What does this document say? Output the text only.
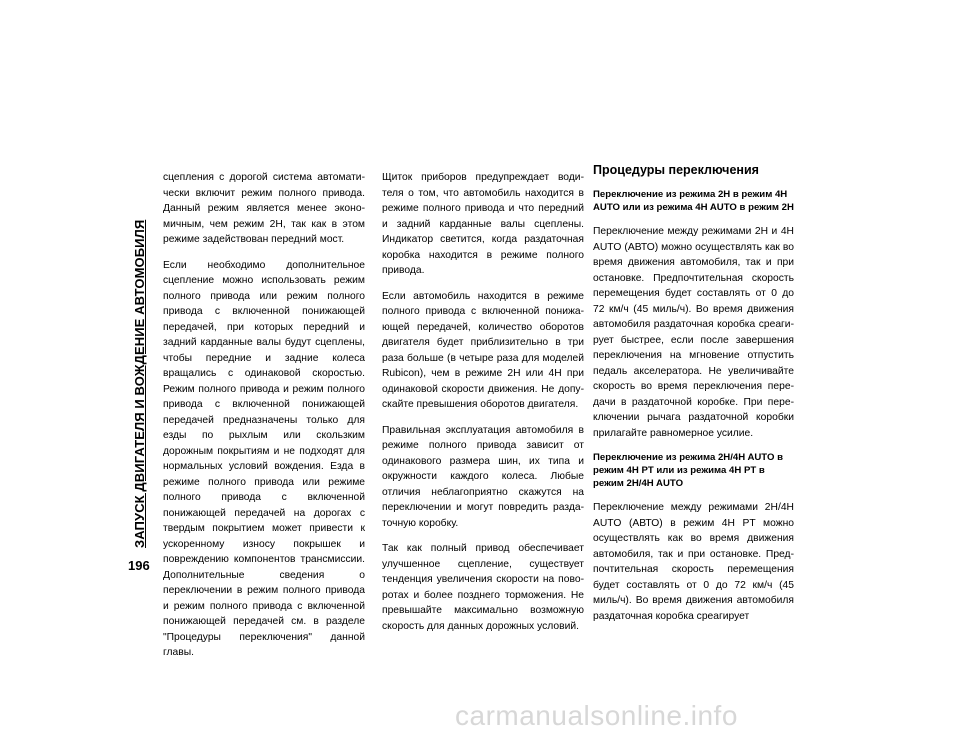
ЗАПУСК ДВИГАТЕЛЯ И ВОЖДЕНИЕ АВТОМОБИЛЯ
196

сцепления с дорогой система автоматически включит режим полного привода. Данный режим является менее экономичным, чем режим 2H, так как в этом режиме задействован передний мост.

Если необходимо дополнительное сцепление можно использовать режим полного привода или режим полного привода с включенной понижающей передачей, при которых передний и задний карданные валы будут сцеплены, чтобы передние и задние колеса вращались с одинаковой скоростью. Режим полного привода и режим полного привода с включенной понижающей передачей предназначены только для езды по рыхлым или скользким дорожным покрытиям и не подходят для нормальных условий вождения. Езда в режиме полного привода или режиме полного привода с включенной понижающей передачей на дорогах с твердым покрытием может привести к ускоренному износу покрышек и повреждению компонентов трансмиссии. Дополнительные сведения о переключении в режим полного привода и режим полного привода с включенной понижающей передачей см. в разделе "Процедуры переключения" данной главы.

Щиток приборов предупреждает водителя о том, что автомобиль находится в режиме полного привода и что передний и задний карданные валы сцеплены. Индикатор светится, когда раздаточная коробка находится в режиме полного привода.

Если автомобиль находится в режиме полного привода с включенной понижающей передачей, количество оборотов двигателя будет приблизительно в три раза больше (в четыре раза для моделей Rubicon), чем в режиме 2H или 4H при одинаковой скорости движения. Не допускайте превышения оборотов двигателя.

Правильная эксплуатация автомобиля в режиме полного привода зависит от одинакового размера шин, их типа и окружности каждого колеса. Любые отличия неблагоприятно скажутся на переключении и могут повредить раздаточную коробку.

Так как полный привод обеспечивает улучшенное сцепление, существует тенденция увеличения скорости на поворотах и более позднего торможения. Не превышайте максимально возможную скорость для данных дорожных условий.

Процедуры переключения
Переключение из режима 2H в режим 4H AUTO или из режима 4H AUTO в режим 2H

Переключение между режимами 2H и 4H AUTO (АВТО) можно осуществлять как во время движения автомобиля, так и при остановке. Предпочтительная скорость перемещения будет составлять от 0 до 72 км/ч (45 миль/ч). Во время движения автомобиля раздаточная коробка среагирует быстрее, если после завершения переключения на мгновение отпустить педаль акселератора. Не увеличивайте скорость во время переключения передачи в раздаточной коробке. При переключении рычага раздаточной коробки прилагайте равномерное усилие.

Переключение из режима 2H/4H AUTO в режим 4H PT или из режима 4H PT в режим 2H/4H AUTO

Переключение между режимами 2H/4H AUTO (АВТО) в режим 4H PT можно осуществлять как во время движения автомобиля, так и при остановке. Предпочтительная скорость перемещения будет составлять от 0 до 72 км/ч (45 миль/ч). Во время движения автомобиля раздаточная коробка среагирует

carmanualsonline.info
